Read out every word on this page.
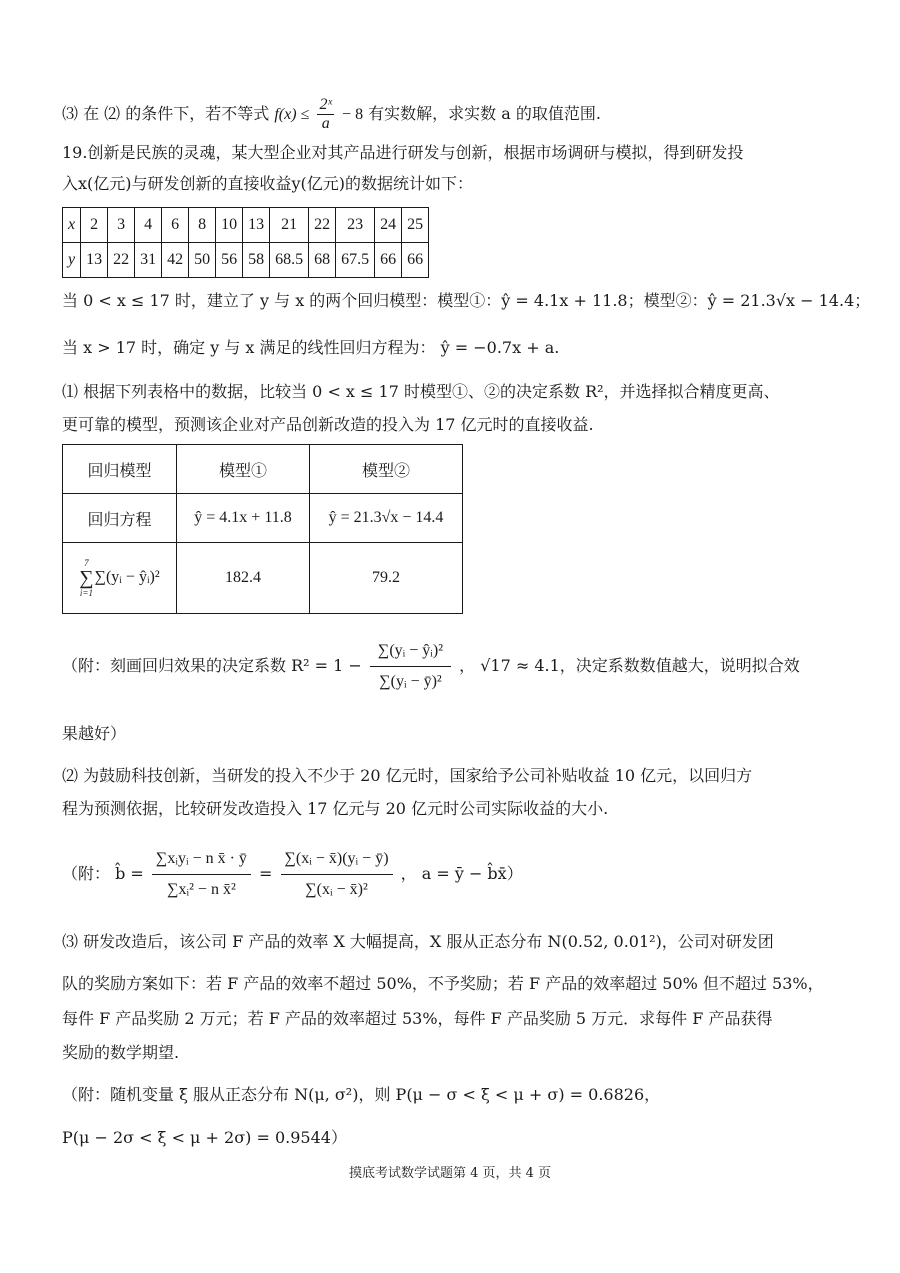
⑶ 在 ⑵ 的条件下，若不等式 $f(x) \le \frac{\text{2ˣ}}{a} - 8$ 有实数解，求实数 a 的取值范围.
19.创新是民族的灵魂，某大型企业对其产品进行研发与创新，根据市场调研与模拟，得到研发投
入x(亿元)与研发创新的直接收益y(亿元)的数据统计如下：
x	2	3	4	6	8	10	13	21	22	23	24	25
y	13	22	31	42	50	56	58	68.5	68	67.5	66	66
当 0 < x ≤ 17 时，建立了 y 与 x 的两个回归模型：模型①：ŷ = 4.1x + 11.8；模型②：ŷ = 21.3√x − 14.4；
当 x > 17 时，确定 y 与 x 满足的线性回归方程为： ŷ = −0.7x + a.
⑴ 根据下列表格中的数据，比较当 0 < x ≤ 17 时模型①、②的决定系数 R²，并选择拟合精度更高、
更可靠的模型，预测该企业对产品创新改造的投入为 17 亿元时的直接收益.
回归模型	模型①	模型②
回归方程	ŷ = 4.1x + 11.8	ŷ = 21.3√x − 14.4

7
∑
i=1
∑(yᵢ − ŷᵢ)²	182.4	79.2
（附：刻画回归效果的决定系数 $R^2 = 1 - \frac{\text{∑(yᵢ − ŷᵢ)²}}{\text{∑(yᵢ − ȳ)²}}$ ， √17 ≈ 4.1，决定系数数值越大，说明拟合效
果越好）
⑵ 为鼓励科技创新，当研发的投入不少于 20 亿元时，国家给予公司补贴收益 10 亿元，以回归方
程为预测依据，比较研发改造投入 17 亿元与 20 亿元时公司实际收益的大小.
（附： b̂ = $\frac{\text{∑xᵢyᵢ − n x̄ · ȳ}}{\text{∑xᵢ² − n x̄²}} = \frac{\text{∑(xᵢ − x̄)(yᵢ − ȳ)}}{\text{∑(xᵢ − x̄)²}}$ ， a = ȳ − b̂x̄）
⑶ 研发改造后，该公司 F 产品的效率 X 大幅提高，X 服从正态分布 N(0.52, 0.01²)，公司对研发团
队的奖励方案如下：若 F 产品的效率不超过 50%，不予奖励；若 F 产品的效率超过 50% 但不超过 53%，
每件 F 产品奖励 2 万元；若 F 产品的效率超过 53%，每件 F 产品奖励 5 万元．求每件 F 产品获得
奖励的数学期望.
（附：随机变量 ξ 服从正态分布 N(μ, σ²)，则 P(μ − σ < ξ < μ + σ) = 0.6826，
P(μ − 2σ < ξ < μ + 2σ) = 0.9544）
摸底考试数学试题第 4 页，共 4 页
